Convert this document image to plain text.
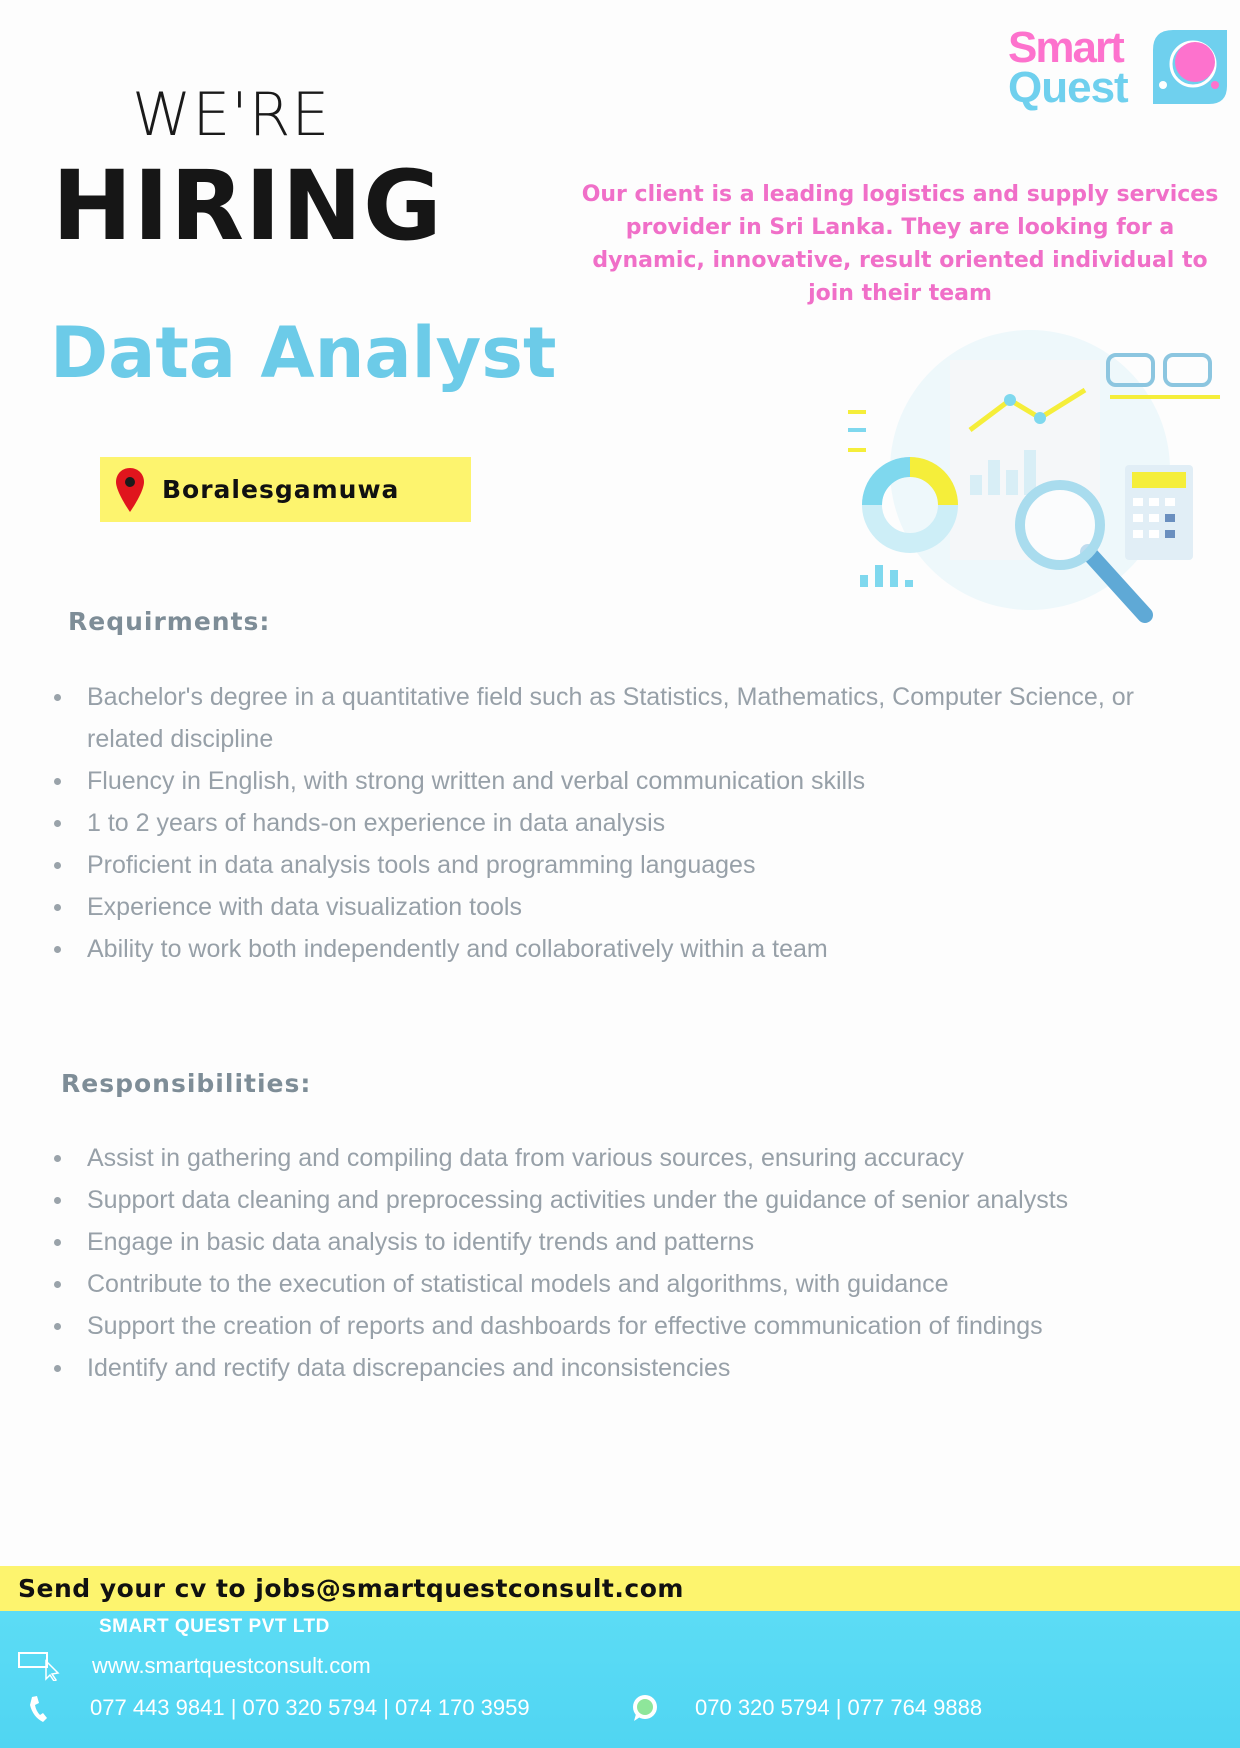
Smart
Quest
WE'RE
HIRING
Data Analyst
Our client is a leading logistics and supply services provider in Sri Lanka. They are looking for a dynamic, innovative, result oriented individual to join their team
Boralesgamuwa
Requirments:
Bachelor's degree in a quantitative field such as Statistics, Mathematics, Computer Science, or related discipline
Fluency in English, with strong written and verbal communication skills
1 to 2 years of hands-on experience in data analysis
Proficient in data analysis tools and programming languages
Experience with data visualization tools
Ability to work both independently and collaboratively within a team
Responsibilities:
Assist in gathering and compiling data from various sources, ensuring accuracy
Support data cleaning and preprocessing activities under the guidance of senior analysts
Engage in basic data analysis to identify trends and patterns
Contribute to the execution of statistical models and algorithms, with guidance
Support the creation of reports and dashboards for effective communication of findings
Identify and rectify data discrepancies and inconsistencies
Send your cv to jobs@smartquestconsult.com
SMART QUEST PVT LTD
www.smartquestconsult.com
077 443 9841 | 070 320 5794 | 074 170 3959	070 320 5794 | 077 764 9888
